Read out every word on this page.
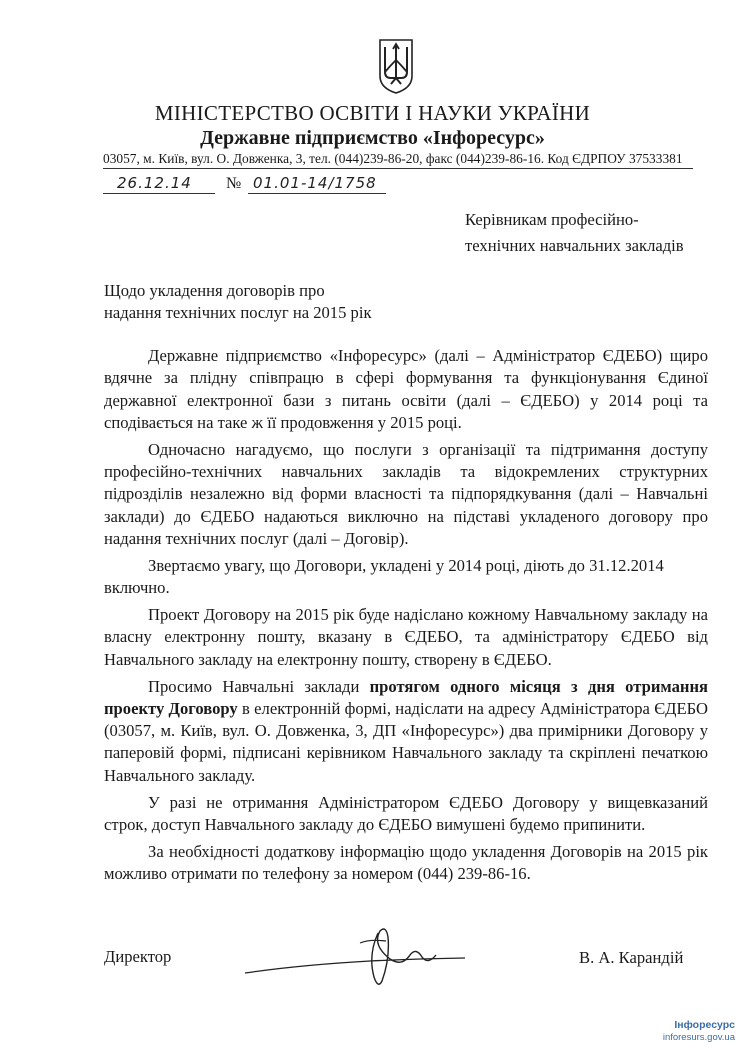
МІНІСТЕРСТВО ОСВІТИ І НАУКИ УКРАЇНИ
Державне підприємство «Інфоресурс»
03057, м. Київ, вул. О. Довженка, 3, тел. (044)239-86-20, факс (044)239-86-16. Код ЄДРПОУ 37533381
26.12.14 № 01.01-14/1758
Керівникам професійно-
технічних навчальних закладів
Щодо укладення договорів про
надання технічних послуг на 2015 рік

Державне підприємство «Інфоресурс» (далі – Адміністратор ЄДЕБО) щиро вдячне за плідну співпрацю в сфері формування та функціонування Єдиної державної електронної бази з питань освіти (далі – ЄДЕБО) у 2014 році та сподівається на таке ж її продовження у 2015 році.

Одночасно нагадуємо, що послуги з організації та підтримання доступу професійно-технічних навчальних закладів та відокремлених структурних підрозділів незалежно від форми власності та підпорядкування (далі – Навчальні заклади) до ЄДЕБО надаються виключно на підставі укладеного договору про надання технічних послуг (далі – Договір).

Звертаємо увагу, що Договори, укладені у 2014 році, діють до 31.12.2014 включно.

Проект Договору на 2015 рік буде надіслано кожному Навчальному закладу на власну електронну пошту, вказану в ЄДЕБО, та адміністратору ЄДЕБО від Навчального закладу на електронну пошту, створену в ЄДЕБО.

Просимо Навчальні заклади протягом одного місяця з дня отримання проекту Договору в електронній формі, надіслати на адресу Адміністратора ЄДЕБО (03057, м. Київ, вул. О. Довженка, 3, ДП «Інфоресурс») два примірники Договору у паперовій формі, підписані керівником Навчального закладу та скріплені печаткою Навчального закладу.

У разі не отримання Адміністратором ЄДЕБО Договору у вищевказаний строк, доступ Навчального закладу до ЄДЕБО вимушені будемо припинити.

За необхідності додаткову інформацію щодо укладення Договорів на 2015 рік можливо отримати по телефону за номером (044) 239-86-16.

Директор	В. А. Карандій
Інфоресурс
inforesurs.gov.ua
